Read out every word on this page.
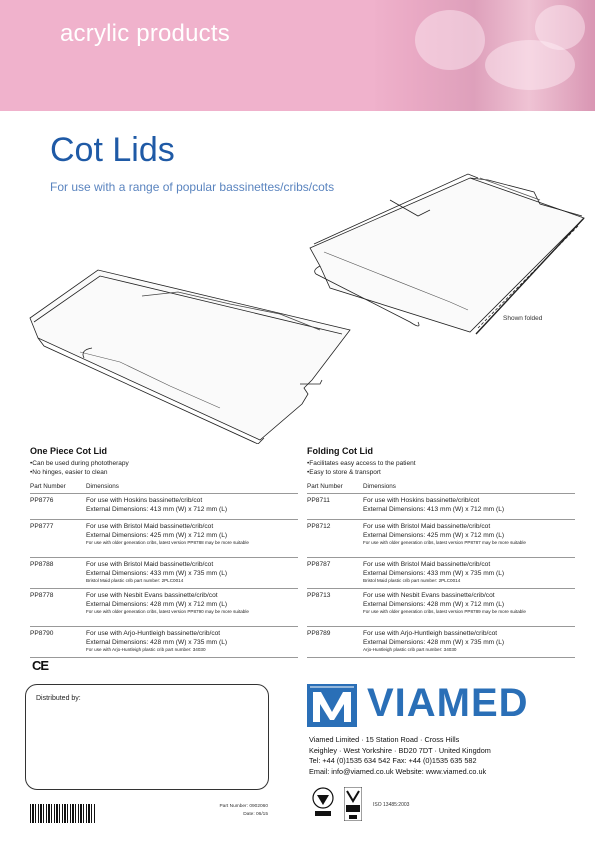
acrylic products
Cot Lids
For use with a range of popular bassinettes/cribs/cots
Shown folded
One Piece Cot Lid
• Can be used during phototherapy
• No hinges, easier to clean
Part Number	Dimensions
PP8776	For use with Hoskins bassinette/crib/cot
External Dimensions: 413 mm (W) x 712 mm (L)
PP8777	For use with Bristol Maid bassinette/crib/cot
External Dimensions: 425 mm (W) x 712 mm (L)
For use with older generation cribs, latest version PP8788 may be more suitable
PP8788	For use with Bristol Maid bassinette/crib/cot
External Dimensions: 433 mm (W) x 735 mm (L)
Bristol Maid plastic crib part number: 2PLC0014
PP8778	For use with Nesbit Evans bassinette/crib/cot
External Dimensions: 428 mm (W) x 712 mm (L)
For use with older generation cribs, latest version PP8790 may be more suitable
PP8790	For use with Arjo-Huntleigh bassinette/crib/cot
External Dimensions: 428 mm (W) x 735 mm (L)
For use with Arjo-Huntleigh plastic crib part number: 34030
Folding Cot Lid
• Facilitates easy access to the patient
• Easy to store & transport
Part Number	Dimensions
PP8711	For use with Hoskins bassinette/crib/cot
External Dimensions: 413 mm (W) x 712 mm (L)
PP8712	For use with Bristol Maid bassinette/crib/cot
External Dimensions: 425 mm (W) x 712 mm (L)
For use with older generation cribs, latest version PP8787 may be more suitable
PP8787	For use with Bristol Maid bassinette/crib/cot
External Dimensions: 433 mm (W) x 735 mm (L)
Bristol Maid plastic crib part number: 2PLC0014
PP8713	For use with Nesbit Evans bassinette/crib/cot
External Dimensions: 428 mm (W) x 712 mm (L)
For use with older generation cribs, latest version PP8789 may be more suitable
PP8789	For use with Arjo-Huntleigh bassinette/crib/cot
External Dimensions: 428 mm (W) x 735 mm (L)
Arjo-Huntleigh plastic crib part number: 34030
CE
Distributed by:	VIAMED
Viamed Limited · 15 Station Road · Cross Hills
Keighley · West Yorkshire · BD20 7DT · United Kingdom
Tel: +44 (0)1535 634 542 Fax: +44 (0)1535 635 582
Email: info@viamed.co.uk Website: www.viamed.co.uk
ISO 13485:2003
Part Number: 0902060
Date: 06/15
